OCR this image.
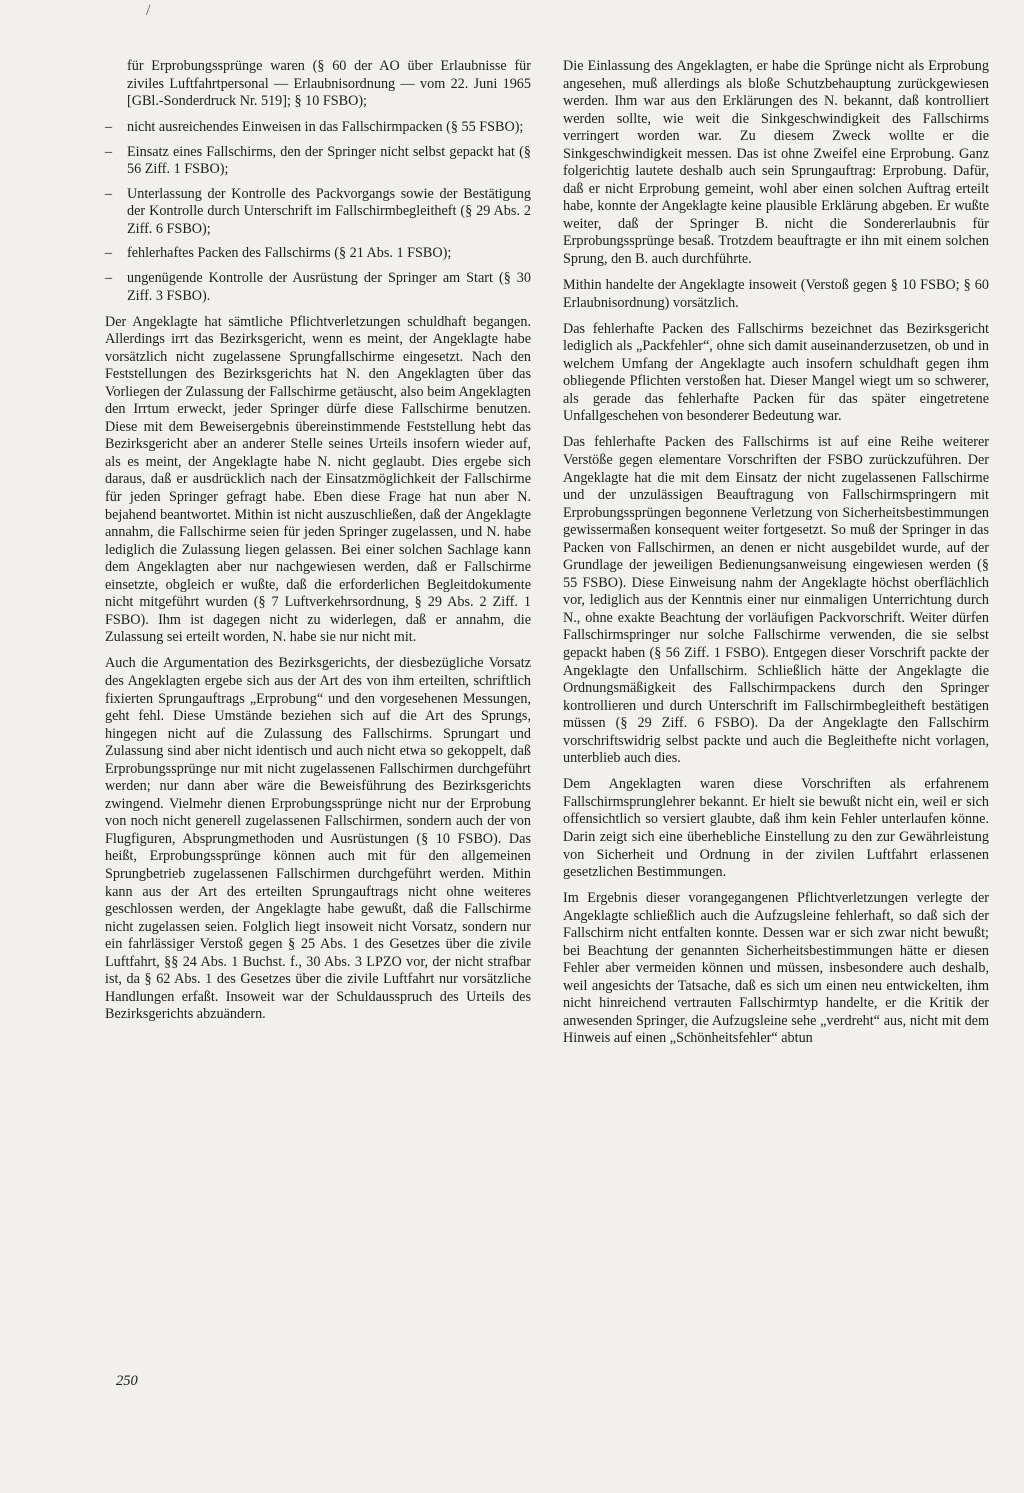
/

für Erprobungssprünge waren (§ 60 der AO über Erlaubnisse für ziviles Luftfahrtpersonal — Erlaubnisordnung — vom 22. Juni 1965 [GBl.-Sonderdruck Nr. 519]; § 10 FSBO);

– nicht ausreichendes Einweisen in das Fallschirmpacken (§ 55 FSBO);
– Einsatz eines Fallschirms, den der Springer nicht selbst gepackt hat (§ 56 Ziff. 1 FSBO);
– Unterlassung der Kontrolle des Packvorgangs sowie der Bestätigung der Kontrolle durch Unterschrift im Fallschirmbegleitheft (§ 29 Abs. 2 Ziff. 6 FSBO);
– fehlerhaftes Packen des Fallschirms (§ 21 Abs. 1 FSBO);
– ungenügende Kontrolle der Ausrüstung der Springer am Start (§ 30 Ziff. 3 FSBO).

Der Angeklagte hat sämtliche Pflichtverletzungen schuldhaft begangen. Allerdings irrt das Bezirksgericht, wenn es meint, der Angeklagte habe vorsätzlich nicht zugelassene Sprungfallschirme eingesetzt. Nach den Feststellungen des Bezirksgerichts hat N. den Angeklagten über das Vorliegen der Zulassung der Fallschirme getäuscht, also beim Angeklagten den Irrtum erweckt, jeder Springer dürfe diese Fallschirme benutzen. Diese mit dem Beweisergebnis übereinstimmende Feststellung hebt das Bezirksgericht aber an anderer Stelle seines Urteils insofern wieder auf, als es meint, der Angeklagte habe N. nicht geglaubt. Dies ergebe sich daraus, daß er ausdrücklich nach der Einsatzmöglichkeit der Fallschirme für jeden Springer gefragt habe. Eben diese Frage hat nun aber N. bejahend beantwortet. Mithin ist nicht auszuschließen, daß der Angeklagte annahm, die Fallschirme seien für jeden Springer zugelassen, und N. habe lediglich die Zulassung liegen gelassen. Bei einer solchen Sachlage kann dem Angeklagten aber nur nachgewiesen werden, daß er Fallschirme einsetzte, obgleich er wußte, daß die erforderlichen Begleitdokumente nicht mitgeführt wurden (§ 7 Luftverkehrsordnung, § 29 Abs. 2 Ziff. 1 FSBO). Ihm ist dagegen nicht zu widerlegen, daß er annahm, die Zulassung sei erteilt worden, N. habe sie nur nicht mit.

Auch die Argumentation des Bezirksgerichts, der diesbezügliche Vorsatz des Angeklagten ergebe sich aus der Art des von ihm erteilten, schriftlich fixierten Sprungauftrags „Erprobung“ und den vorgesehenen Messungen, geht fehl. Diese Umstände beziehen sich auf die Art des Sprungs, hingegen nicht auf die Zulassung des Fallschirms. Sprungart und Zulassung sind aber nicht identisch und auch nicht etwa so gekoppelt, daß Erprobungssprünge nur mit nicht zugelassenen Fallschirmen durchgeführt werden; nur dann aber wäre die Beweisführung des Bezirksgerichts zwingend. Vielmehr dienen Erprobungssprünge nicht nur der Erprobung von noch nicht generell zugelassenen Fallschirmen, sondern auch der von Flugfiguren, Absprungmethoden und Ausrüstungen (§ 10 FSBO). Das heißt, Erprobungssprünge können auch mit für den allgemeinen Sprungbetrieb zugelassenen Fallschirmen durchgeführt werden. Mithin kann aus der Art des erteilten Sprungauftrags nicht ohne weiteres geschlossen werden, der Angeklagte habe gewußt, daß die Fallschirme nicht zugelassen seien. Folglich liegt insoweit nicht Vorsatz, sondern nur ein fahrlässiger Verstoß gegen § 25 Abs. 1 des Gesetzes über die zivile Luftfahrt, §§ 24 Abs. 1 Buchst. f., 30 Abs. 3 LPZO vor, der nicht strafbar ist, da § 62 Abs. 1 des Gesetzes über die zivile Luftfahrt nur vorsätzliche Handlungen erfaßt. Insoweit war der Schuldausspruch des Urteils des Bezirksgerichts abzuändern.

Die Einlassung des Angeklagten, er habe die Sprünge nicht als Erprobung angesehen, muß allerdings als bloße Schutzbehauptung zurückgewiesen werden. Ihm war aus den Erklärungen des N. bekannt, daß kontrolliert werden sollte, wie weit die Sinkgeschwindigkeit des Fallschirms verringert worden war. Zu diesem Zweck wollte er die Sinkgeschwindigkeit messen. Das ist ohne Zweifel eine Erprobung. Ganz folgerichtig lautete deshalb auch sein Sprungauftrag: Erprobung. Dafür, daß er nicht Erprobung gemeint, wohl aber einen solchen Auftrag erteilt habe, konnte der Angeklagte keine plausible Erklärung abgeben. Er wußte weiter, daß der Springer B. nicht die Sondererlaubnis für Erprobungssprünge besaß. Trotzdem beauftragte er ihn mit einem solchen Sprung, den B. auch durchführte.

Mithin handelte der Angeklagte insoweit (Verstoß gegen § 10 FSBO; § 60 Erlaubnisordnung) vorsätzlich.

Das fehlerhafte Packen des Fallschirms bezeichnet das Bezirksgericht lediglich als „Packfehler“, ohne sich damit auseinanderzusetzen, ob und in welchem Umfang der Angeklagte auch insofern schuldhaft gegen ihm obliegende Pflichten verstoßen hat. Dieser Mangel wiegt um so schwerer, als gerade das fehlerhafte Packen für das später eingetretene Unfallgeschehen von besonderer Bedeutung war.

Das fehlerhafte Packen des Fallschirms ist auf eine Reihe weiterer Verstöße gegen elementare Vorschriften der FSBO zurückzuführen. Der Angeklagte hat die mit dem Einsatz der nicht zugelassenen Fallschirme und der unzulässigen Beauftragung von Fallschirmspringern mit Erprobungssprüngen begonnene Verletzung von Sicherheitsbestimmungen gewissermaßen konsequent weiter fortgesetzt. So muß der Springer in das Packen von Fallschirmen, an denen er nicht ausgebildet wurde, auf der Grundlage der jeweiligen Bedienungsanweisung eingewiesen werden (§ 55 FSBO). Diese Einweisung nahm der Angeklagte höchst oberflächlich vor, lediglich aus der Kenntnis einer nur einmaligen Unterrichtung durch N., ohne exakte Beachtung der vorläufigen Packvorschrift. Weiter dürfen Fallschirmspringer nur solche Fallschirme verwenden, die sie selbst gepackt haben (§ 56 Ziff. 1 FSBO). Entgegen dieser Vorschrift packte der Angeklagte den Unfallschirm. Schließlich hätte der Angeklagte die Ordnungsmäßigkeit des Fallschirmpackens durch den Springer kontrollieren und durch Unterschrift im Fallschirmbegleitheft bestätigen müssen (§ 29 Ziff. 6 FSBO). Da der Angeklagte den Fallschirm vorschriftswidrig selbst packte und auch die Begleithefte nicht vorlagen, unterblieb auch dies.

Dem Angeklagten waren diese Vorschriften als erfahrenem Fallschirmsprunglehrer bekannt. Er hielt sie bewußt nicht ein, weil er sich offensichtlich so versiert glaubte, daß ihm kein Fehler unterlaufen könne. Darin zeigt sich eine überhebliche Einstellung zu den zur Gewährleistung von Sicherheit und Ordnung in der zivilen Luftfahrt erlassenen gesetzlichen Bestimmungen.

Im Ergebnis dieser vorangegangenen Pflichtverletzungen verlegte der Angeklagte schließlich auch die Aufzugsleine fehlerhaft, so daß sich der Fallschirm nicht entfalten konnte. Dessen war er sich zwar nicht bewußt; bei Beachtung der genannten Sicherheitsbestimmungen hätte er diesen Fehler aber vermeiden können und müssen, insbesondere auch deshalb, weil angesichts der Tatsache, daß es sich um einen neu entwickelten, ihm nicht hinreichend vertrauten Fallschirmtyp handelte, er die Kritik der anwesenden Springer, die Aufzugsleine sehe „verdreht“ aus, nicht mit dem Hinweis auf einen „Schönheitsfehler“ abtun

250
